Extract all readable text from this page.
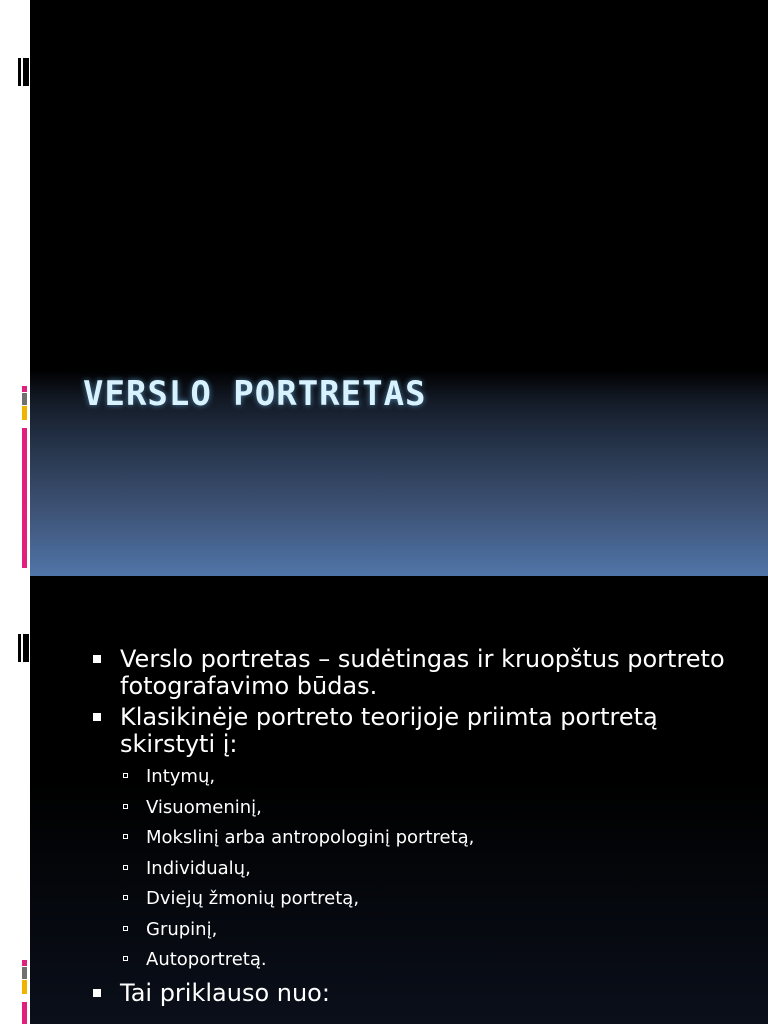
VERSLO PORTRETAS
Verslo portretas – sudėtingas ir kruopštus portreto fotografavimo būdas.
Klasikinėje portreto teorijoje priimta portretą skirstyti į:
Intymų,
Visuomeninį,
Mokslinį arba antropologinį portretą,
Individualų,
Dviejų žmonių portretą,
Grupinį,
Autoportretą.
Tai priklauso nuo:
